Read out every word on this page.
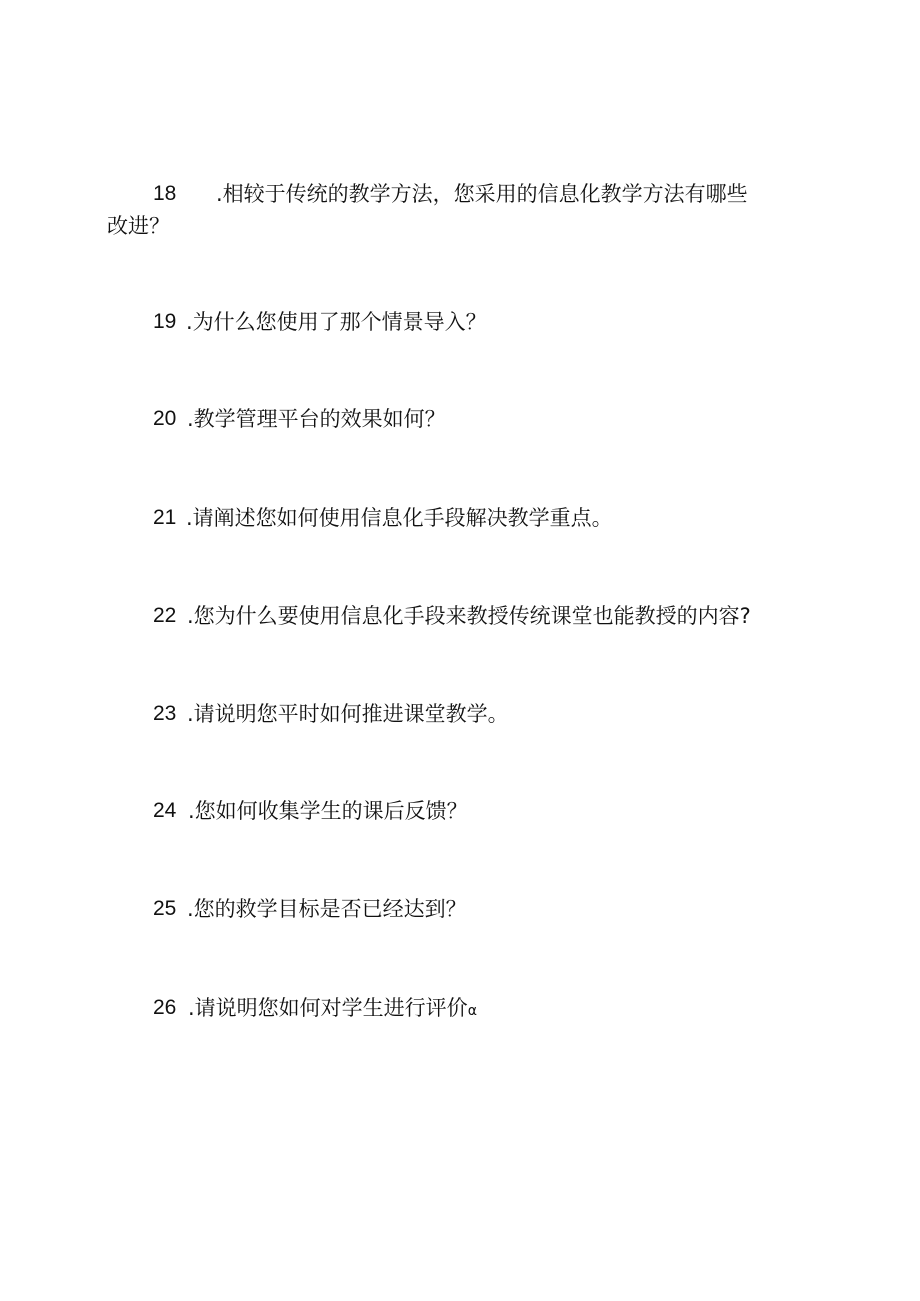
18 .相较于传统的教学方法，您采用的信息化教学方法有哪些
改进？
19 .为什么您使用了那个情景导入？
20 .教学管理平台的效果如何？
21 .请阐述您如何使用信息化手段解决教学重点。
22 .您为什么要使用信息化手段来教授传统课堂也能教授的内容?
23 .请说明您平时如何推进课堂教学。
24 .您如何收集学生的课后反馈？
25 .您的救学目标是否已经达到？
26 .请说明您如何对学生进行评价α
